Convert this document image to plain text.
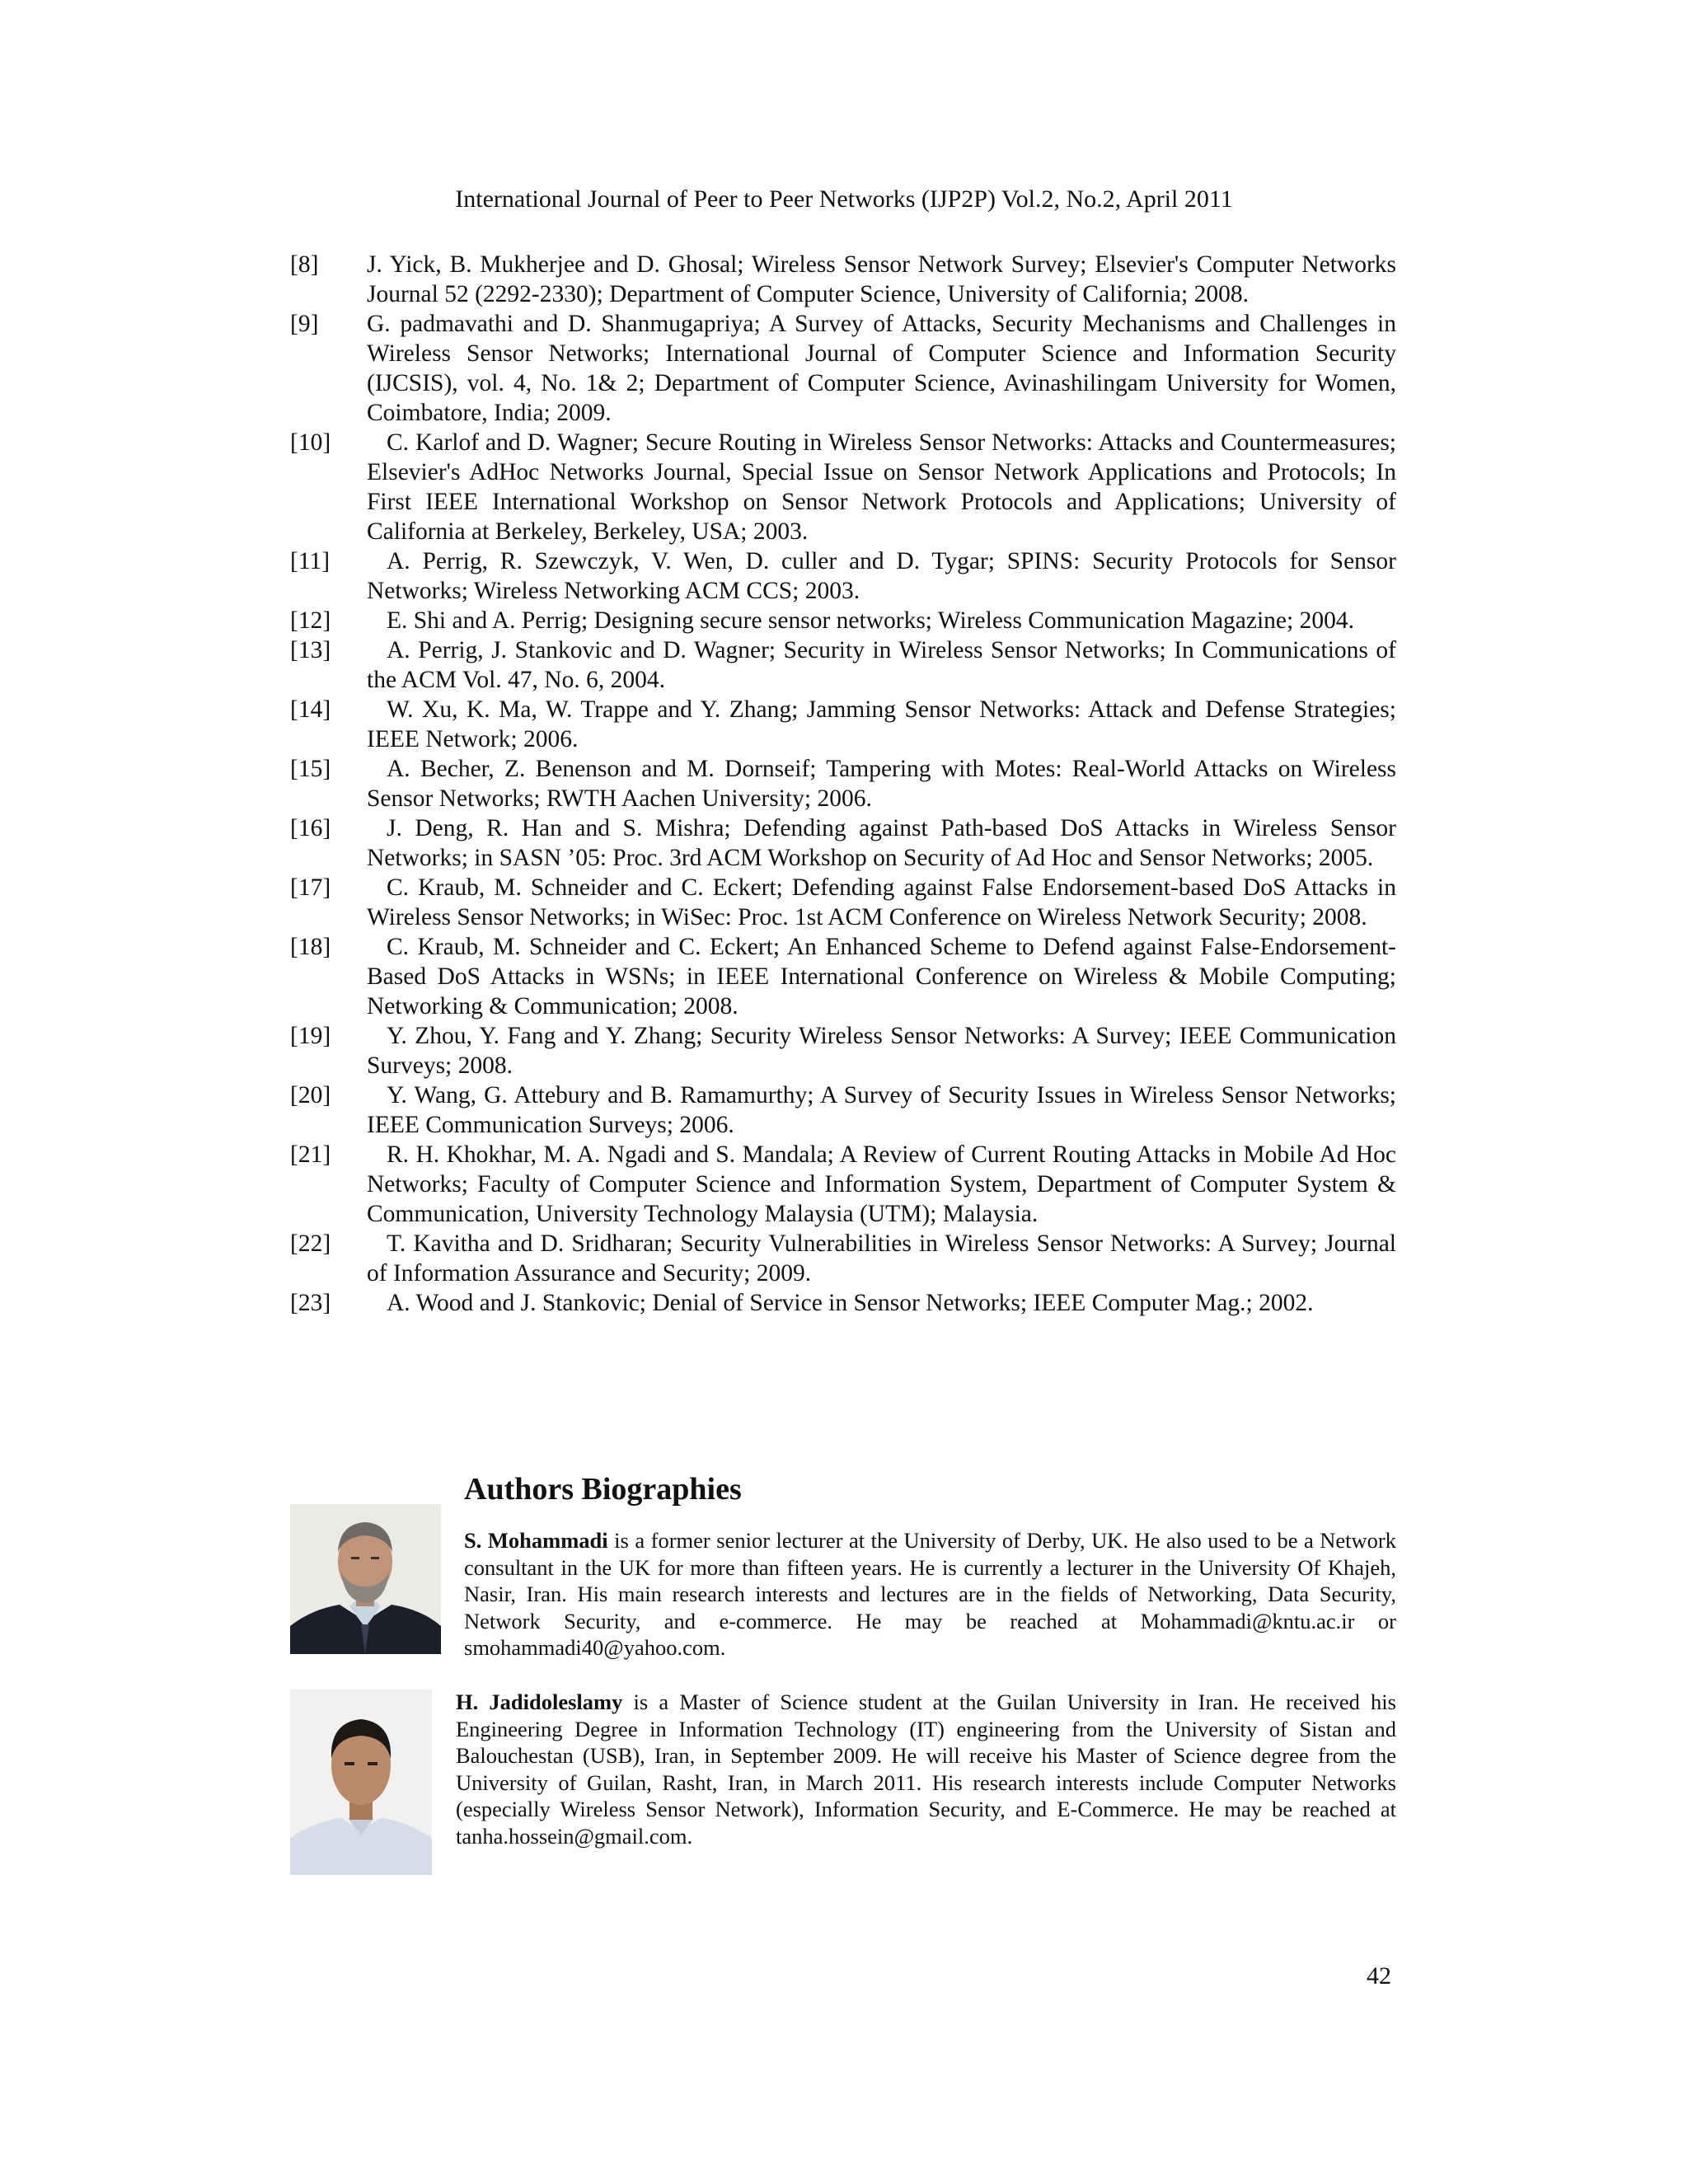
International Journal of Peer to Peer Networks (IJP2P) Vol.2, No.2, April 2011
[8] J. Yick, B. Mukherjee and D. Ghosal; Wireless Sensor Network Survey; Elsevier's Computer Networks Journal 52 (2292-2330); Department of Computer Science, University of California; 2008.
[9] G. padmavathi and D. Shanmugapriya; A Survey of Attacks, Security Mechanisms and Challenges in Wireless Sensor Networks; International Journal of Computer Science and Information Security (IJCSIS), vol. 4, No. 1& 2; Department of Computer Science, Avinashilingam University for Women, Coimbatore, India; 2009.
[10]	C. Karlof and D. Wagner; Secure Routing in Wireless Sensor Networks: Attacks and Countermeasures; Elsevier's AdHoc Networks Journal, Special Issue on Sensor Network Applications and Protocols; In First IEEE International Workshop on Sensor Network Protocols and Applications; University of California at Berkeley, Berkeley, USA; 2003.
[11]	A. Perrig, R. Szewczyk, V. Wen, D. culler and D. Tygar; SPINS: Security Protocols for Sensor Networks; Wireless Networking ACM CCS; 2003.
[12]	E. Shi and A. Perrig; Designing secure sensor networks; Wireless Communication Magazine; 2004.
[13]	A. Perrig, J. Stankovic and D. Wagner; Security in Wireless Sensor Networks; In Communications of the ACM Vol. 47, No. 6, 2004.
[14]	W. Xu, K. Ma, W. Trappe and Y. Zhang; Jamming Sensor Networks: Attack and Defense Strategies; IEEE Network; 2006.
[15]	A. Becher, Z. Benenson and M. Dornseif; Tampering with Motes: Real-World Attacks on Wireless Sensor Networks; RWTH Aachen University; 2006.
[16]	J. Deng, R. Han and S. Mishra; Defending against Path-based DoS Attacks in Wireless Sensor Networks; in SASN ’05: Proc. 3rd ACM Workshop on Security of Ad Hoc and Sensor Networks; 2005.
[17]	C. Kraub, M. Schneider and C. Eckert; Defending against False Endorsement-based DoS Attacks in Wireless Sensor Networks; in WiSec: Proc. 1st ACM Conference on Wireless Network Security; 2008.
[18]	C. Kraub, M. Schneider and C. Eckert; An Enhanced Scheme to Defend against False-Endorsement-Based DoS Attacks in WSNs; in IEEE International Conference on Wireless & Mobile Computing; Networking & Communication; 2008.
[19]	Y. Zhou, Y. Fang and Y. Zhang; Security Wireless Sensor Networks: A Survey; IEEE Communication Surveys; 2008.
[20]	Y. Wang, G. Attebury and B. Ramamurthy; A Survey of Security Issues in Wireless Sensor Networks; IEEE Communication Surveys; 2006.
[21]	R. H. Khokhar, M. A. Ngadi and S. Mandala; A Review of Current Routing Attacks in Mobile Ad Hoc Networks; Faculty of Computer Science and Information System, Department of Computer System & Communication, University Technology Malaysia (UTM); Malaysia.
[22]	T. Kavitha and D. Sridharan; Security Vulnerabilities in Wireless Sensor Networks: A Survey; Journal of Information Assurance and Security; 2009.
[23]	A. Wood and J. Stankovic; Denial of Service in Sensor Networks; IEEE Computer Mag.; 2002.
Authors Biographies
S. Mohammadi is a former senior lecturer at the University of Derby, UK. He also used to be a Network consultant in the UK for more than fifteen years. He is currently a lecturer in the University Of Khajeh, Nasir, Iran. His main research interests and lectures are in the fields of Networking, Data Security, Network Security, and e-commerce. He may be reached at Mohammadi@kntu.ac.ir or smohammadi40@yahoo.com.
H. Jadidoleslamy is a Master of Science student at the Guilan University in Iran. He received his Engineering Degree in Information Technology (IT) engineering from the University of Sistan and Balouchestan (USB), Iran, in September 2009. He will receive his Master of Science degree from the University of Guilan, Rasht, Iran, in March 2011. His research interests include Computer Networks (especially Wireless Sensor Network), Information Security, and E-Commerce. He may be reached at tanha.hossein@gmail.com.
42
